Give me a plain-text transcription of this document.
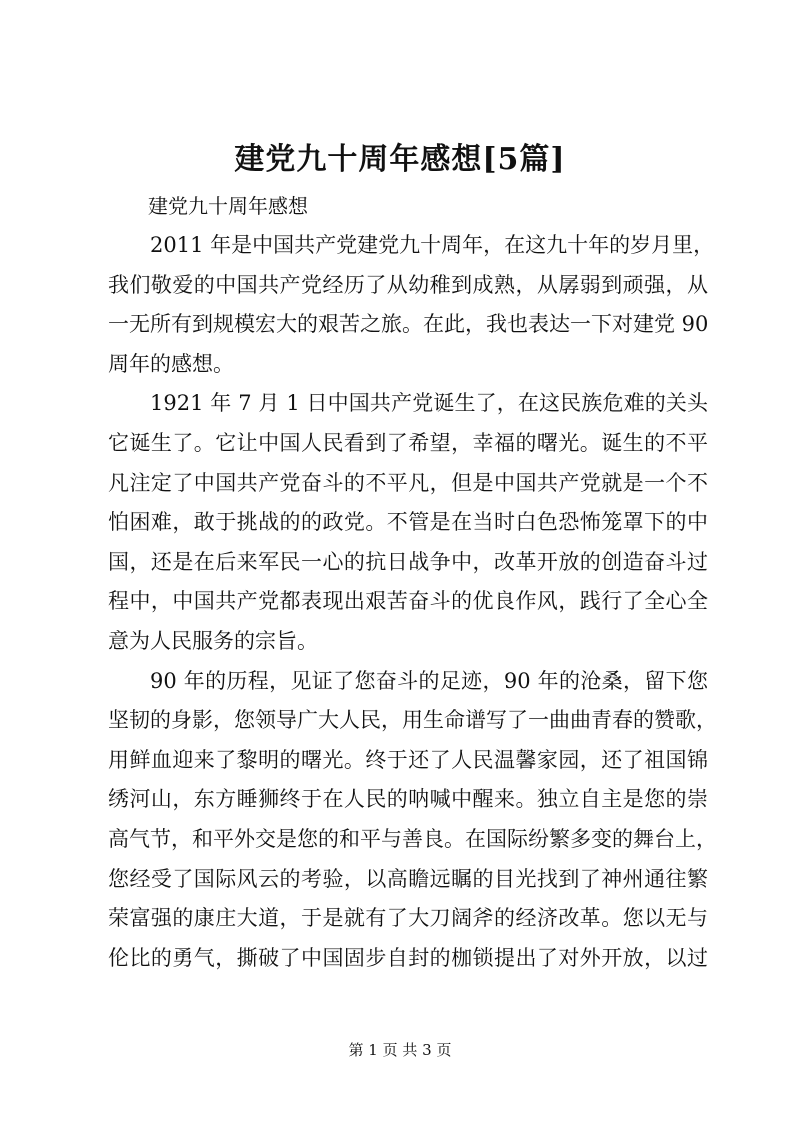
建党九十周年感想[5篇]
建党九十周年感想
2011 年是中国共产党建党九十周年，在这九十年的岁月里，
我们敬爱的中国共产党经历了从幼稚到成熟，从孱弱到顽强，从
一无所有到规模宏大的艰苦之旅。在此，我也表达一下对建党 90
周年的感想。
1921 年 7 月 1 日中国共产党诞生了，在这民族危难的关头
它诞生了。它让中国人民看到了希望，幸福的曙光。诞生的不平
凡注定了中国共产党奋斗的不平凡，但是中国共产党就是一个不
怕困难，敢于挑战的的政党。不管是在当时白色恐怖笼罩下的中
国，还是在后来军民一心的抗日战争中，改革开放的创造奋斗过
程中，中国共产党都表现出艰苦奋斗的优良作风，践行了全心全
意为人民服务的宗旨。
90 年的历程，见证了您奋斗的足迹，90 年的沧桑，留下您
坚韧的身影，您领导广大人民，用生命谱写了一曲曲青春的赞歌，
用鲜血迎来了黎明的曙光。终于还了人民温馨家园，还了祖国锦
绣河山，东方睡狮终于在人民的呐喊中醒来。独立自主是您的崇
高气节，和平外交是您的和平与善良。在国际纷繁多变的舞台上，
您经受了国际风云的考验，以高瞻远瞩的目光找到了神州通往繁
荣富强的康庄大道，于是就有了大刀阔斧的经济改革。您以无与
伦比的勇气，撕破了中国固步自封的枷锁提出了对外开放，以过
第 1 页 共 3 页
